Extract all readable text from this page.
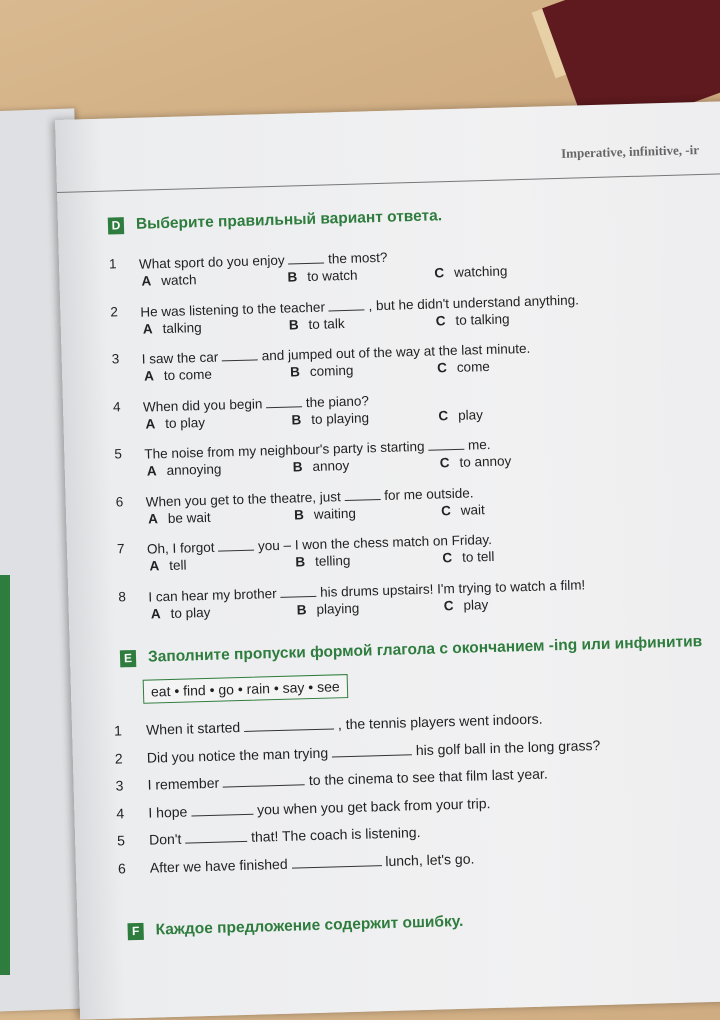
Imperative, infinitive, -ir
D Выберите правильный вариант ответа.
1 What sport do you enjoy	the most?
A watch	B to watch	C watching
2 He was listening to the teacher	, but he didn't understand anything.
A talking	B to talk	C to talking
3 I saw the car	and jumped out of the way at the last minute.
A to come	B coming	C come
4 When did you begin	the piano?
A to play	B to playing	C play
5 The noise from my neighbour's party is starting	me.
A annoying	B annoy	C to annoy
6 When you get to the theatre, just	for me outside.
A be wait	B waiting	C wait
7 Oh, I forgot	you – I won the chess match on Friday.
A tell	B telling	C to tell
8 I can hear my brother	his drums upstairs! I'm trying to watch a film!
A to play	B playing	C play
E Заполните пропуски формой глагола с окончанием -ing или инфинитив
eat • find • go • rain • say • see
1 When it started	, the tennis players went indoors.
2 Did you notice the man trying	his golf ball in the long grass?
3 I remember	to the cinema to see that film last year.
4 I hope	you when you get back from your trip.
5 Don't	that! The coach is listening.
6 After we have finished	lunch, let's go.
F Каждое предложение содержит ошибку.
